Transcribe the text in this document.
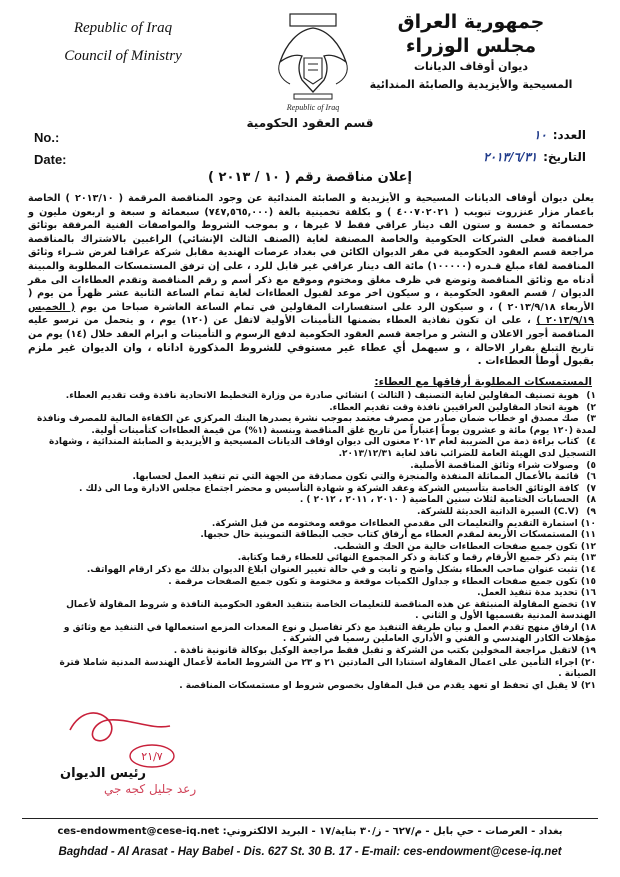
Republic of Iraq
Council of Ministry
Republic of Iraq
جمهورية العراق
مجلس الوزراء
ديوان أوقاف الديانات
المسيحية والأيزيدية والصابئة المندائية
قسم العقود الحكومية
No.:
Date:
العدد:١٠
التاريخ:٢٠١٣/٦/٣١
إعلان مناقصة رقم ( ١٠ / ٢٠١٣ )
يعلن ديوان أوقاف الديانات المسيحية و الأيزيدية و الصابئة المندائية عن وجود المناقصة المرقمة ( ٢٠١٣/١٠ ) الخاصة باعمار مزار عنزروت تبويب ( ٤٠٠٧٠٢٠٢١ ) و بكلفة تخمينية بالغة (٧٤٧,٥٦٥,٠٠٠) سبعمائة و سبعة و اربعون مليون و خمسمائة و خمسة و ستون الف دينار عراقي فقط لا غيرها ، و بموجب الشروط والمواصفات الفنية المرفقة بوثائق المناقصة فعلى الشركات الحكومية والخاصة المصنفة لغاية (الصنف الثالث الإنشائي) الراغبين بالاشتراك بالمناقصة مراجعة قسم العقود الحكومية في مقر الديوان الكائن في بغداد عرصات الهندية مقابل شركة عراقنا لغرض شـراء وثائق المناقصة لقاء مبلغ قـدره (١٠٠٠٠٠) مائة الف دينار عراقي غير قابل للرد ، على إن ترفق المستمسكات المطلوبة والمبينة أدناه مع وثائق المناقصة وتوضع في ظرف مغلق ومختوم وموقع مع ذكر أسم و رقم المناقصة وتقدم العطاءات الى مقر الديوان / قسم العقود الحكومية ، و سيكون اخر موعد لقبول العطاءات لغاية تمام الساعة الثانية عشر ظهراً من يوم ( الأربعاء ٢٠١٣/٩/١٨ ) ، و سيكون الرد على استفسارات المقاولين في تمام الساعة العاشرة صباحا من يوم ( الخميس ٢٠١٣/٩/١٩ ) ، على ان تكون نفاذية العطاء بضمنها التأمينات الأولية لاتقل عن (١٢٠) يوم ، و يتحمل من ترسو عليه المناقصة أجور الاعلان و النشر و مراجعة قسم العقود الحكومية لدفع الرسوم و التأمينات و ابرام العقد خلال (١٤) يوم من تاريخ التبلغ بقرار الاحالة ، و سيهمل أي عطاء غير مستوفي للشروط المذكورة اداناه ، وان الديوان غير ملزم بقبول أوطأ العطاءات .
المستمسكات المطلوبة أرفاقها مع العطاء:
١) هوية تصنيف المقاولين لغاية التصنيف ( الثالث ) انشائي صادرة من وزارة التخطيط الاتحادية نافذة وقت تقديم العطاء.
٢) هوية اتحاد المقاولين العراقيين نافذة وقت تقديم العطاء.
٣) صك مصدق او خطاب ضمان صادر من مصرف معتمد بموجب نشرة يصدرها البنك المركزي عن الكفاءة المالية للمصرف ونافذة لمدة (١٢٠ يوم) مائة و عشرون يوماً إعتباراً من تاريخ غلق المناقصة وبنسبة (١%) من قيمة العطاءات كتأمينات أولية.
٤) كتاب براءة ذمة من الضريبة لعام ٢٠١٣ معنون الى ديوان اوقاف الديانات المسيحية و الأيزيدية و الصابئة المندائية ، وشهادة التسجيل لدى الهيئة العامة للضرائب نافذ لغاية ٢٠١٣/١٢/٣١.
٥) وصولات شراء وثائق المناقصة الأصلية.
٦) قائمة بالأعمال المماثلة المنفذة والمنجزة والتي تكون مصادقة من الجهة التي تم تنفيذ العمل لحسابها.
٧) كافة الوثائق الخاصة بتأسيس الشركة وعقد الشركة و شهادة التأسيس و محضر اجتماع مجلس الادارة وما الى ذلك .
٨) الحسابات الختامية لثلاث سنين الماضية ( ٢٠١٠ ، ٢٠١١ ، ٢٠١٢ ) .
٩) (C.V) السيرة الذاتية الحديثة للشركة.
١٠) استمارة التقديم والتعليمات الى مقدمي العطاءات موقعه ومختومه من قبل الشركة.
١١) المستمسكات الأربعة لمقدم العطاء مع أرفاق كتاب حجب البطاقة التموينية حال حجبها.
١٢) تكون جميع صفحات العطاءات خالية من الحك و الشطب.
١٣) يتم ذكر جميع الأرقام رقما و كتابة و ذكر المجموع النهائي للعطاء رقما وكتابة.
١٤) تثبت عنوان صاحب العطاء بشكل واضح و ثابت و في حالة تغيير العنوان ابلاغ الديوان بذلك مع ذكر ارقام الهواتف.
١٥) تكون جميع صفحات العطاء و جداول الكميات موقعة و مختومة و تكون جميع الصفحات مرقمة .
١٦) تحديد مدة تنفيذ العمل.
١٧) تخضع المقاولة المنبثقة عن هذه المناقصة للتعليمات الخاصة بتنفيذ العقود الحكومية النافذة و شروط المقاولة لأعمال الهندسة المدنية بقسميها الأول و الثاني .
١٨) ارفاق منهج تقدم العمل و بيان طريقة التنفيذ مع ذكر تفاصيل و نوع المعدات المزمع استعمالها في التنفيذ مع وثائق و مؤهلات الكادر الهندسي و الفني و الأداري العاملين رسميا في الشركة .
١٩) لاتقبل مراجعة المخولين بكتب من الشركة و تقبل فقط مراجعة الوكيل بوكالة قانونية نافذة .
٢٠) اجراء التأمين على اعمال المقاولة استنادا الى المادتين ٢١ و ٢٣ من الشروط العامة لأعمال الهندسة المدنية شاملا فترة الصيانة .
٢١) لا يقبل اي تحفظ او تعهد يقدم من قبل المقاول بخصوص شروط او مستمسكات المناقصة .
٢١/٧
رئيس الديوان
رعد جليل كجه جي
بغداد - العرصات - حي بابل - م/٦٢٧ - ز/٣٠ بناية/١٧ - البريد الالكتروني: ces-endowment@cese-iq.net
Baghdad - Al Arasat - Hay Babel - Dis. 627 St. 30 B. 17 - E-mail: ces-endowment@cese-iq.net
